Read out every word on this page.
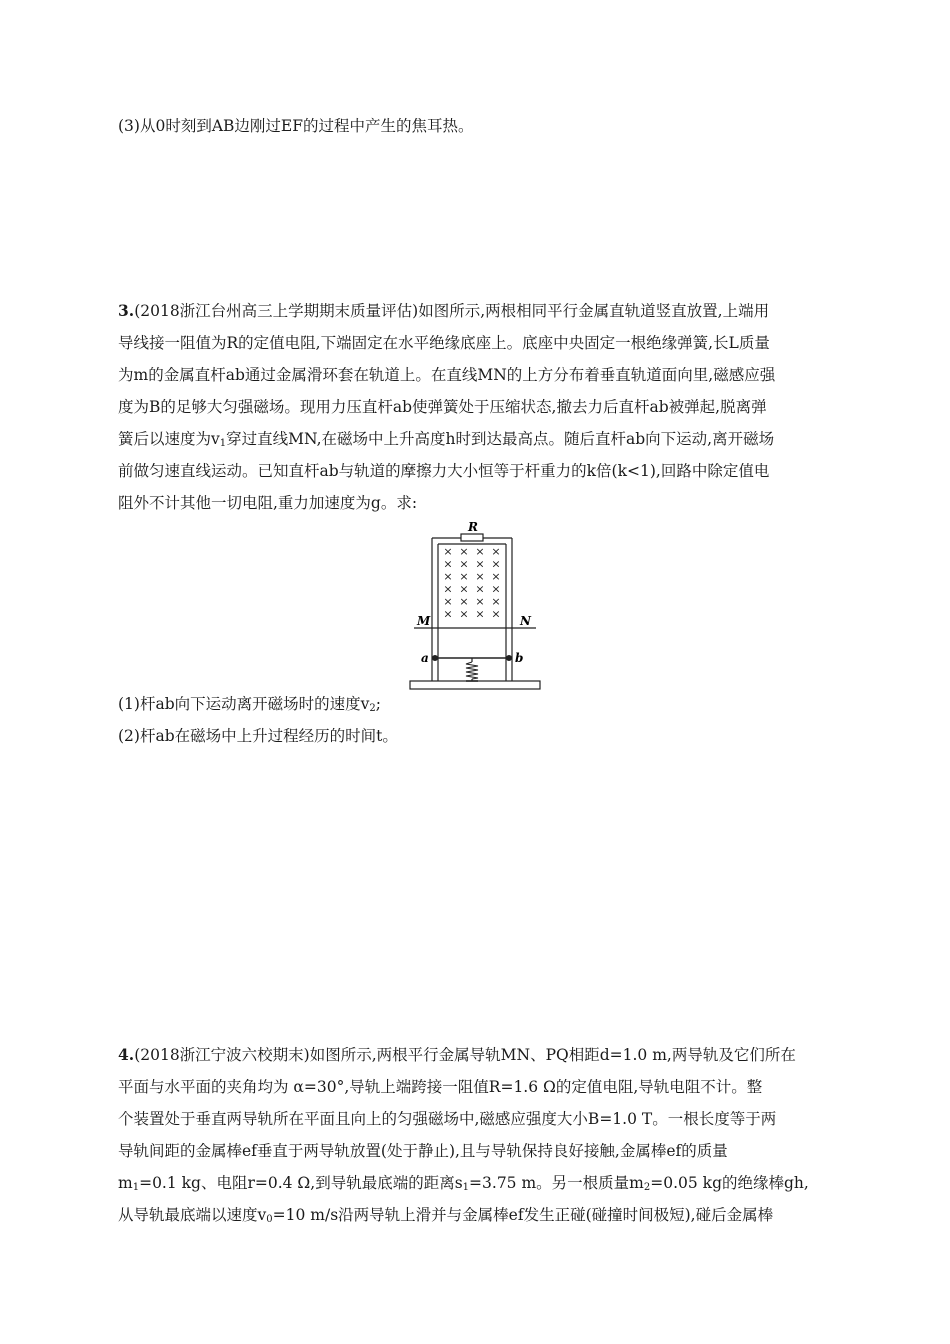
(3)从0时刻到AB边刚过EF的过程中产生的焦耳热。
3.(2018浙江台州高三上学期期末质量评估)如图所示,两根相同平行金属直轨道竖直放置,上端用
导线接一阻值为R的定值电阻,下端固定在水平绝缘底座上。底座中央固定一根绝缘弹簧,长L质量
为m的金属直杆ab通过金属滑环套在轨道上。在直线MN的上方分布着垂直轨道面向里,磁感应强
度为B的足够大匀强磁场。现用力压直杆ab使弹簧处于压缩状态,撤去力后直杆ab被弹起,脱离弹
簧后以速度为$v_1$穿过直线MN,在磁场中上升高度h时到达最高点。随后直杆ab向下运动,离开磁场
前做匀速直线运动。已知直杆ab与轨道的摩擦力大小恒等于杆重力的k倍(k<1),回路中除定值电
阻外不计其他一切电阻,重力加速度为g。求:
R
× × × ×
× × × ×
× × × ×
× × × ×
× × × ×
× × × ×
M	N
a	b
(1)杆ab向下运动离开磁场时的速度$v_2$;
(2)杆ab在磁场中上升过程经历的时间t。
4.(2018浙江宁波六校期末)如图所示,两根平行金属导轨MN、PQ相距d=1.0 m,两导轨及它们所在
平面与水平面的夹角均为 α=30°,导轨上端跨接一阻值R=1.6 Ω的定值电阻,导轨电阻不计。整
个装置处于垂直两导轨所在平面且向上的匀强磁场中,磁感应强度大小B=1.0 T。一根长度等于两
导轨间距的金属棒ef垂直于两导轨放置(处于静止),且与导轨保持良好接触,金属棒ef的质量
$m_1=0.1$ kg、电阻r=0.4 Ω,到导轨最底端的距离$s_1=3.75$ m。另一根质量$m_2=0.05$ kg的绝缘棒gh,
从导轨最底端以速度$v_0=10$ m/s沿两导轨上滑并与金属棒ef发生正碰(碰撞时间极短),碰后金属棒
